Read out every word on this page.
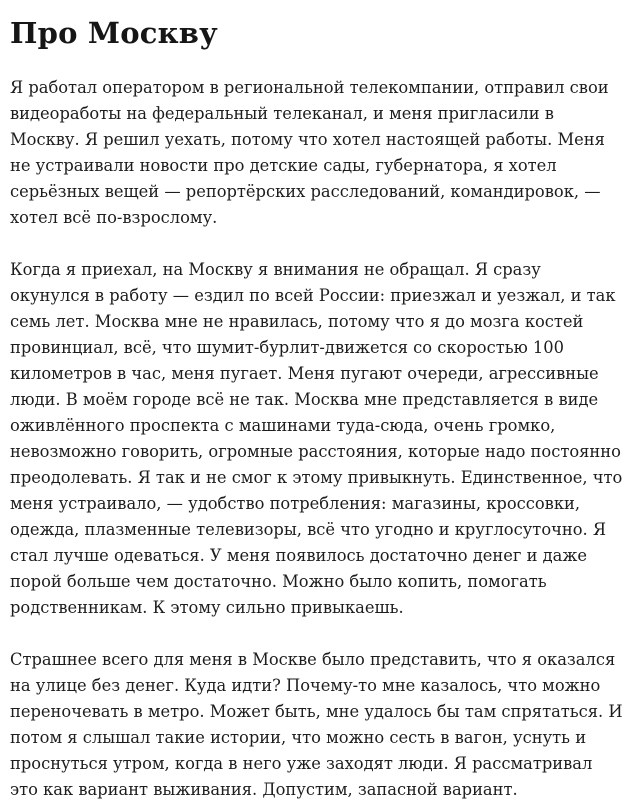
Про Москву

Я работал оператором в региональной телекомпании, отправил свои видеоработы на федеральный телеканал, и меня пригласили в Москву. Я решил уехать, потому что хотел настоящей работы. Меня не устраивали новости про детские сады, губернатора, я хотел серьёзных вещей — репортёрских расследований, командировок, — хотел всё по-взрослому.

Когда я приехал, на Москву я внимания не обращал. Я сразу окунулся в работу — ездил по всей России: приезжал и уезжал, и так семь лет. Москва мне не нравилась, потому что я до мозга костей провинциал, всё, что шумит-бурлит-движется со скоростью 100 километров в час, меня пугает. Меня пугают очереди, агрессивные люди. В моём городе всё не так. Москва мне представляется в виде оживлённого проспекта с машинами туда-сюда, очень громко, невозможно говорить, огромные расстояния, которые надо постоянно преодолевать. Я так и не смог к этому привыкнуть. Единственное, что меня устраивало, — удобство потребления: магазины, кроссовки, одежда, плазменные телевизоры, всё что угодно и круглосуточно. Я стал лучше одеваться. У меня появилось достаточно денег и даже порой больше чем достаточно. Можно было копить, помогать родственникам. К этому сильно привыкаешь.

Страшнее всего для меня в Москве было представить, что я оказался на улице без денег. Куда идти? Почему-то мне казалось, что можно переночевать в метро. Может быть, мне удалось бы там спрятаться. И потом я слышал такие истории, что можно сесть в вагон, уснуть и проснуться утром, когда в него уже заходят люди. Я рассматривал это как вариант выживания. Допустим, запасной вариант.
